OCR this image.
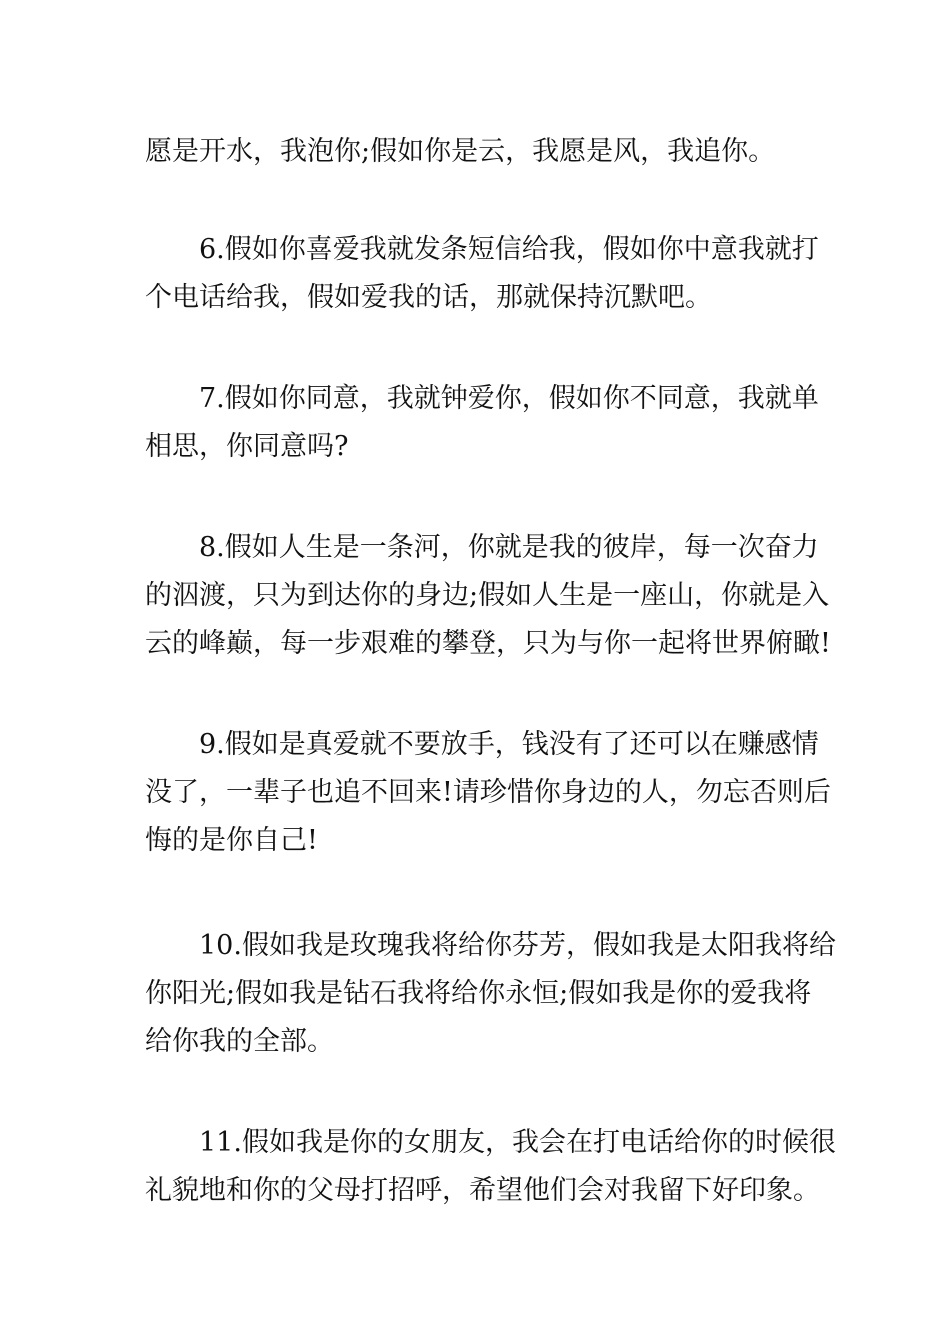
愿是开水，我泡你;假如你是云，我愿是风，我追你。

6.假如你喜爱我就发条短信给我，假如你中意我就打
个电话给我，假如爱我的话，那就保持沉默吧。

7.假如你同意，我就钟爱你，假如你不同意，我就单
相思，你同意吗?

8.假如人生是一条河，你就是我的彼岸，每一次奋力
的泅渡，只为到达你的身边;假如人生是一座山，你就是入
云的峰巅，每一步艰难的攀登，只为与你一起将世界俯瞰!

9.假如是真爱就不要放手，钱没有了还可以在赚感情
没了，一辈子也追不回来!请珍惜你身边的人，勿忘否则后
悔的是你自己!

10.假如我是玫瑰我将给你芬芳，假如我是太阳我将给
你阳光;假如我是钻石我将给你永恒;假如我是你的爱我将
给你我的全部。

11.假如我是你的女朋友，我会在打电话给你的时候很
礼貌地和你的父母打招呼，希望他们会对我留下好印象。
